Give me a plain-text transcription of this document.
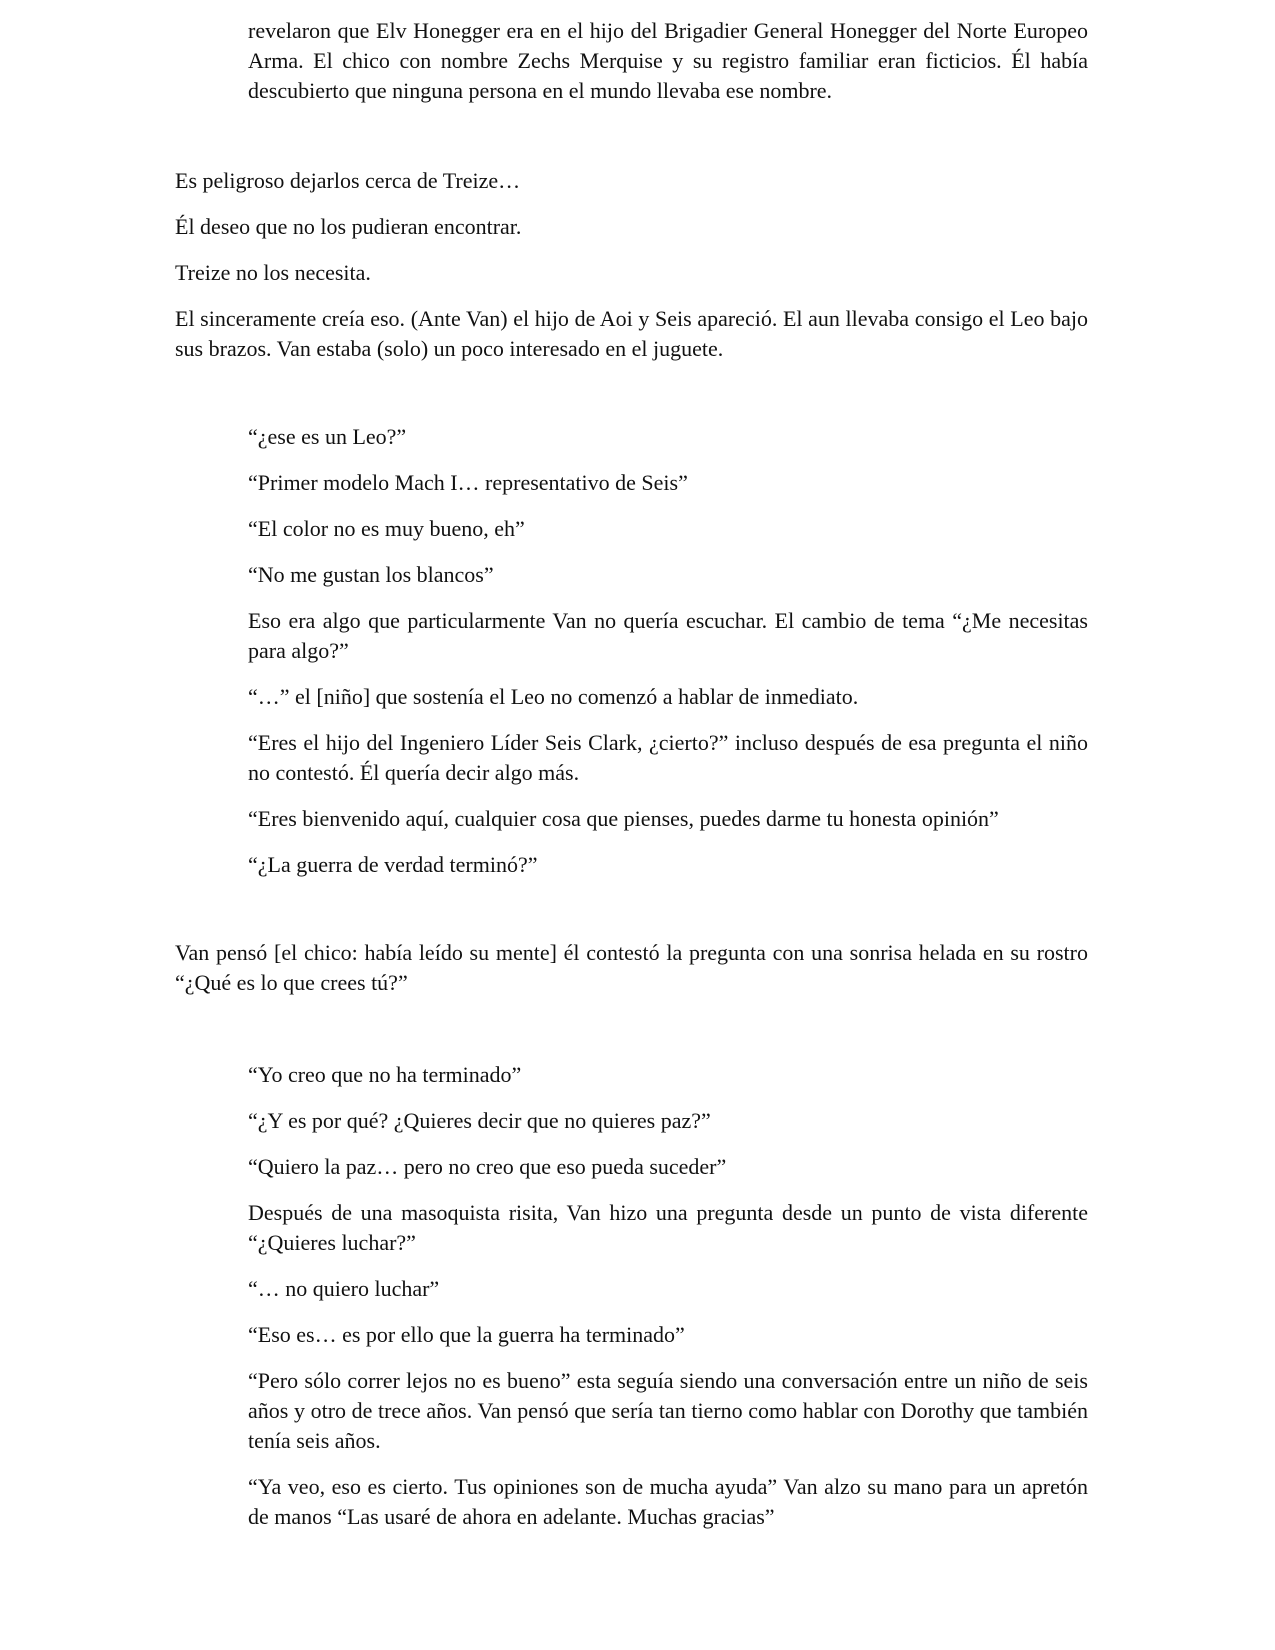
revelaron que Elv Honegger era en el hijo del Brigadier General Honegger del Norte Europeo Arma. El chico con nombre Zechs Merquise y su registro familiar eran ficticios. Él había descubierto que ninguna persona en el mundo llevaba ese nombre.

Es peligroso dejarlos cerca de Treize…

Él deseo que no los pudieran encontrar.

Treize no los necesita.

El sinceramente creía eso. (Ante Van) el hijo de Aoi y Seis apareció. El aun llevaba consigo el Leo bajo sus brazos. Van estaba (solo) un poco interesado en el juguete.

“¿ese es un Leo?”

“Primer modelo Mach I… representativo de Seis”

“El color no es muy bueno, eh”

“No me gustan los blancos”

Eso era algo que particularmente Van no quería escuchar. El cambio de tema “¿Me necesitas para algo?”

“…” el [niño] que sostenía el Leo no comenzó a hablar de inmediato.

“Eres el hijo del Ingeniero Líder Seis Clark, ¿cierto?” incluso después de esa pregunta el niño no contestó. Él quería decir algo más.

“Eres bienvenido aquí, cualquier cosa que pienses, puedes darme tu honesta opinión”

“¿La guerra de verdad terminó?”

Van pensó [el chico: había leído su mente] él contestó la pregunta con una sonrisa helada en su rostro “¿Qué es lo que crees tú?”

“Yo creo que no ha terminado”

“¿Y es por qué? ¿Quieres decir que no quieres paz?”

“Quiero la paz… pero no creo que eso pueda suceder”

Después de una masoquista risita, Van hizo una pregunta desde un punto de vista diferente “¿Quieres luchar?”

“… no quiero luchar”

“Eso es… es por ello que la guerra ha terminado”

“Pero sólo correr lejos no es bueno” esta seguía siendo una conversación entre un niño de seis años y otro de trece años. Van pensó que sería tan tierno como hablar con Dorothy que también tenía seis años.

“Ya veo, eso es cierto. Tus opiniones son de mucha ayuda” Van alzo su mano para un apretón de manos “Las usaré de ahora en adelante. Muchas gracias”
